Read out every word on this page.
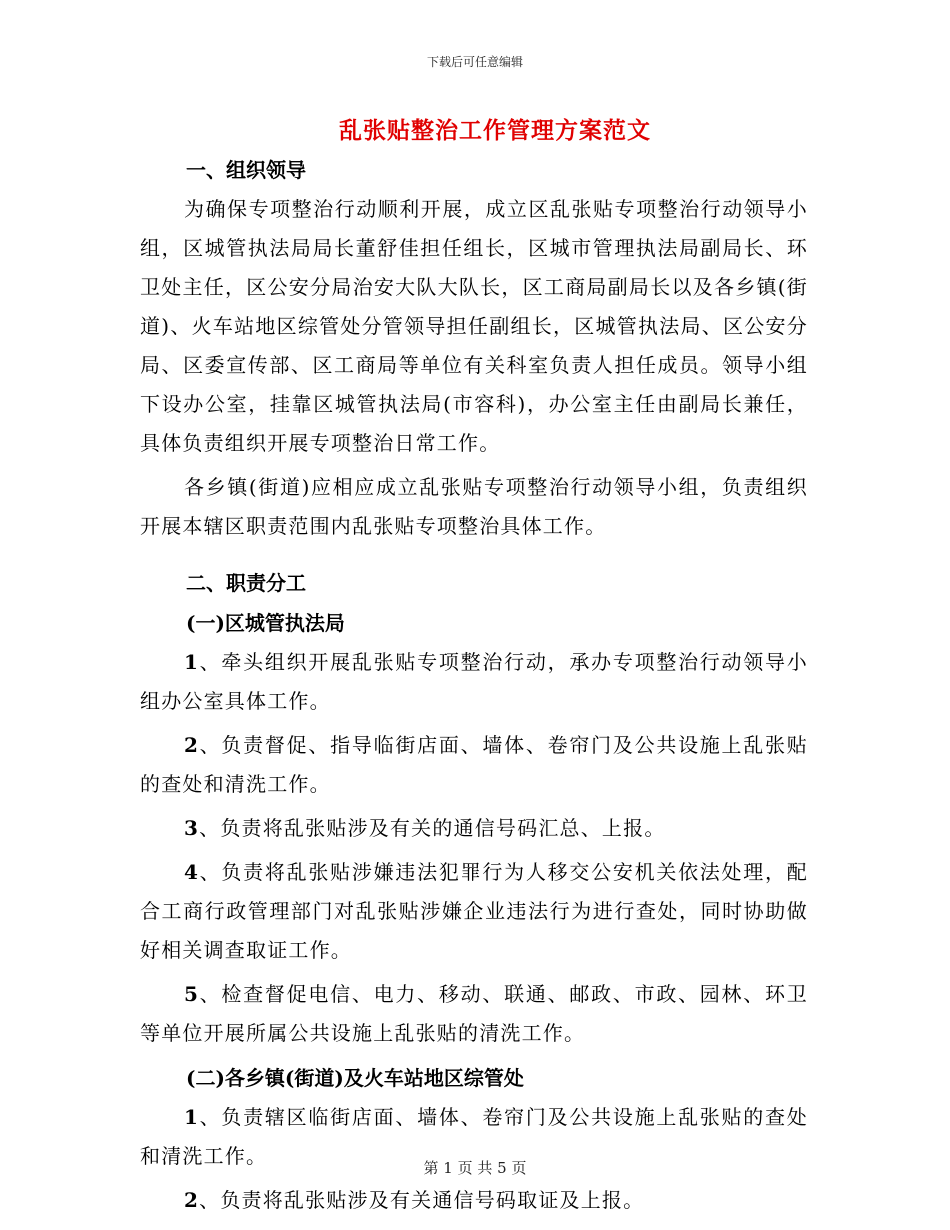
下载后可任意编辑
乱张贴整治工作管理方案范文
一、组织领导

为确保专项整治行动顺利开展，成立区乱张贴专项整治行动领导小组，区城管执法局局长董舒佳担任组长，区城市管理执法局副局长、环卫处主任，区公安分局治安大队大队长，区工商局副局长以及各乡镇(街道)、火车站地区综管处分管领导担任副组长，区城管执法局、区公安分局、区委宣传部、区工商局等单位有关科室负责人担任成员。领导小组下设办公室，挂靠区城管执法局(市容科)，办公室主任由副局长兼任，具体负责组织开展专项整治日常工作。

各乡镇(街道)应相应成立乱张贴专项整治行动领导小组，负责组织开展本辖区职责范围内乱张贴专项整治具体工作。

二、职责分工
(一)区城管执法局

1、牵头组织开展乱张贴专项整治行动，承办专项整治行动领导小组办公室具体工作。

2、负责督促、指导临街店面、墙体、卷帘门及公共设施上乱张贴的查处和清洗工作。

3、负责将乱张贴涉及有关的通信号码汇总、上报。

4、负责将乱张贴涉嫌违法犯罪行为人移交公安机关依法处理，配合工商行政管理部门对乱张贴涉嫌企业违法行为进行查处，同时协助做好相关调查取证工作。

5、检查督促电信、电力、移动、联通、邮政、市政、园林、环卫等单位开展所属公共设施上乱张贴的清洗工作。

(二)各乡镇(街道)及火车站地区综管处

1、负责辖区临街店面、墙体、卷帘门及公共设施上乱张贴的查处和清洗工作。

2、负责将乱张贴涉及有关通信号码取证及上报。

第 1 页 共 5 页
